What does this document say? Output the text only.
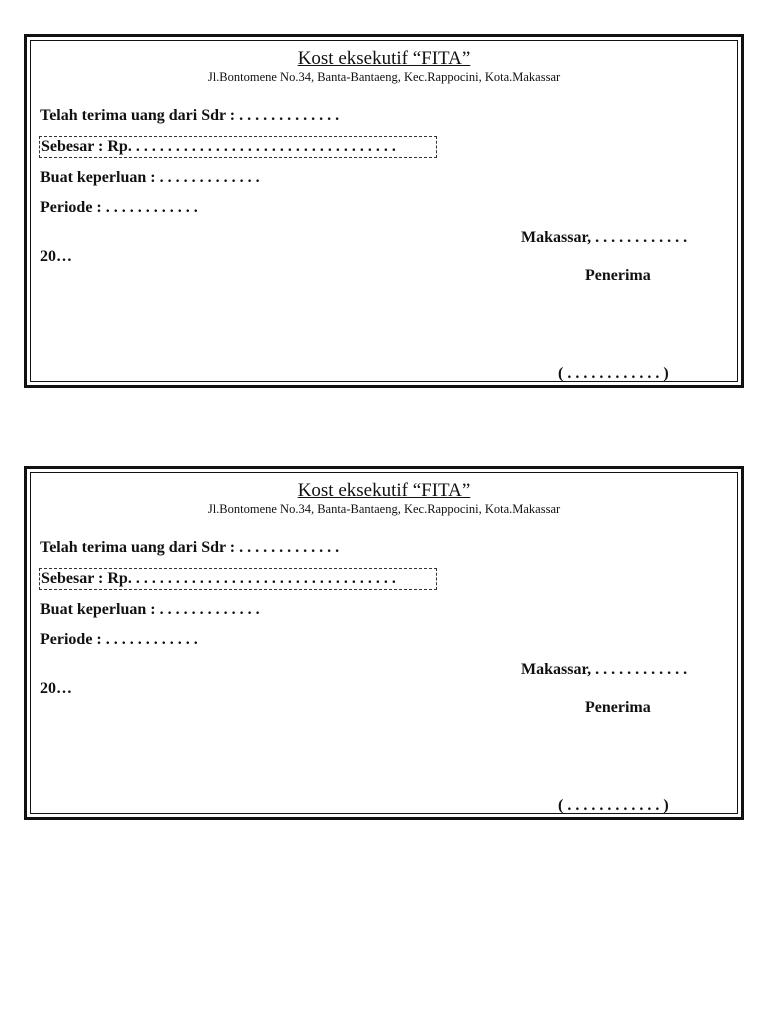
Kost eksekutif “FITA”
Jl.Bontomene No.34, Banta-Bantaeng, Kec.Rappocini, Kota.Makassar
Telah terima uang dari Sdr : . . . . . . . . . . . . .
Sebesar : Rp. . . . . . . . . . . . . . . . . . . . . . . . . . . . . . . . . .
Buat keperluan : . . . . . . . . . . . . .
Periode : . . . . . . . . . . . .
Makassar, . . . . . . . . . . . .
20…
Penerima
( . . . . . . . . . . . . )
Kost eksekutif “FITA”
Jl.Bontomene No.34, Banta-Bantaeng, Kec.Rappocini, Kota.Makassar
Telah terima uang dari Sdr : . . . . . . . . . . . . .
Sebesar : Rp. . . . . . . . . . . . . . . . . . . . . . . . . . . . . . . . . .
Buat keperluan : . . . . . . . . . . . . .
Periode : . . . . . . . . . . . .
Makassar, . . . . . . . . . . . .
20…
Penerima
( . . . . . . . . . . . . )
